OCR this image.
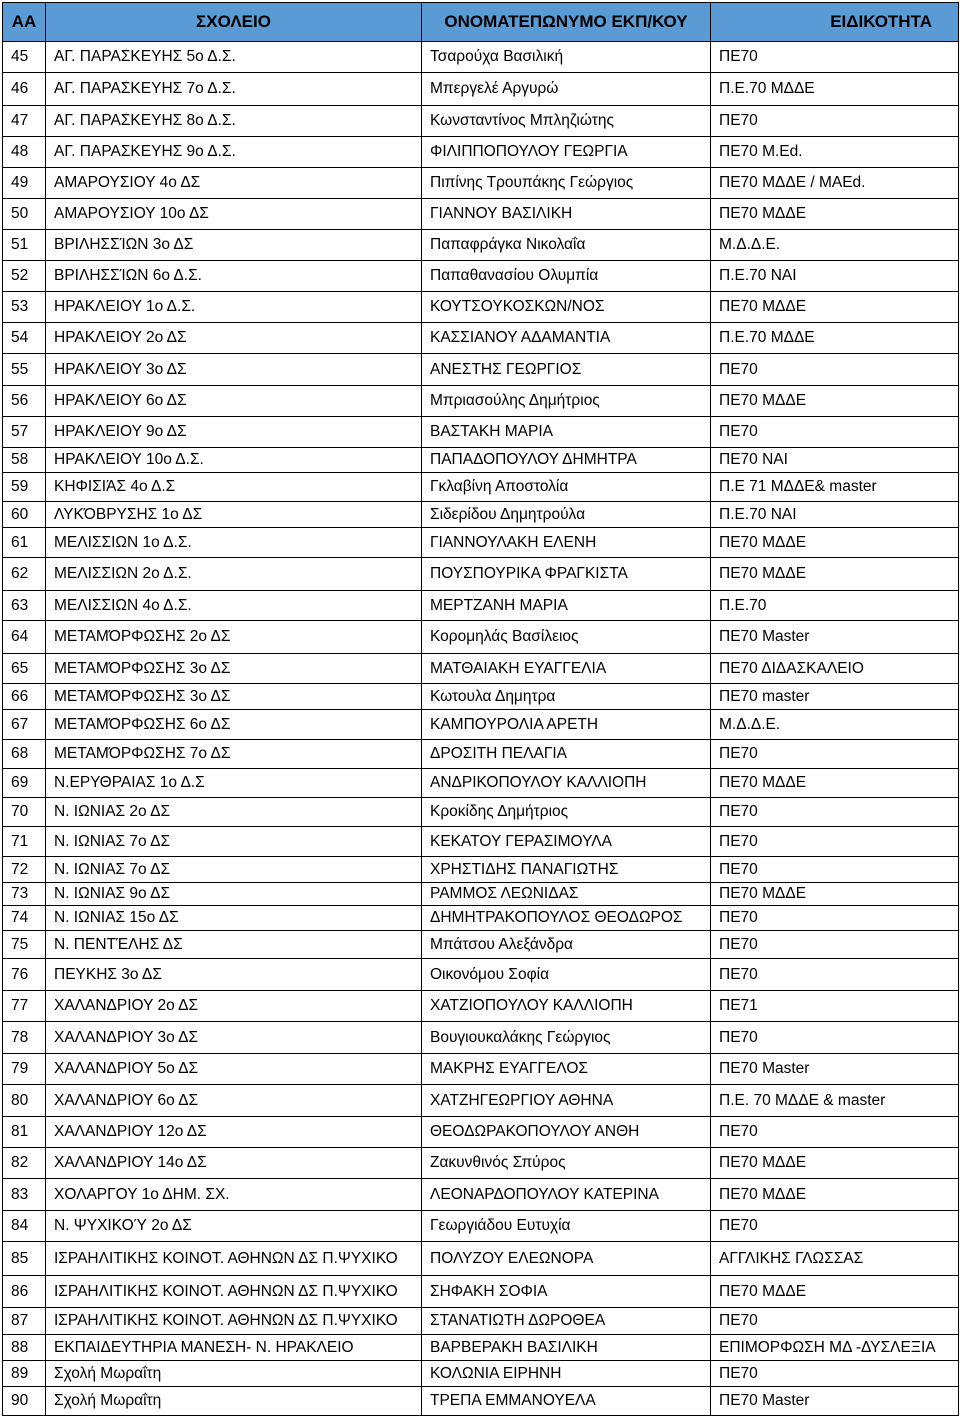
ΑΑ	ΣΧΟΛΕΙΟ	ΟΝΟΜΑΤΕΠΩΝΥΜΟ ΕΚΠ/ΚΟΥ	ΕΙΔΙΚΟΤΗΤΑ
45	ΑΓ. ΠΑΡΑΣΚΕΥΗΣ 5ο Δ.Σ.	Τσαρούχα Βασιλική	ΠΕ70
46	ΑΓ. ΠΑΡΑΣΚΕΥΗΣ 7ο Δ.Σ.	Μπεργελέ Αργυρώ	Π.Ε.70 ΜΔΔΕ
47	ΑΓ. ΠΑΡΑΣΚΕΥΗΣ 8ο Δ.Σ.	Κωνσταντίνος Μπληζιώτης	ΠΕ70
48	ΑΓ. ΠΑΡΑΣΚΕΥΗΣ 9ο Δ.Σ.	ΦΙΛΙΠΠΟΠΟΥΛΟΥ ΓΕΩΡΓΙΑ	ΠΕ70 M.Ed.
49	ΑΜΑΡΟΥΣΙΟΥ 4ο ΔΣ	Πιπίνης Τρουπάκης Γεώργιος	ΠΕ70 ΜΔΔΕ / MAEd.
50	ΑΜΑΡΟΥΣΙΟΥ 10ο ΔΣ	ΓΙΑΝΝΟΥ ΒΑΣΙΛΙΚΗ	ΠΕ70 ΜΔΔΕ
51	ΒΡΙΛΗΣΣΊΩΝ 3ο ΔΣ	Παπαφράγκα Νικολαΐα	Μ.Δ.Δ.Ε.
52	ΒΡΙΛΗΣΣΊΩΝ 6ο Δ.Σ.	Παπαθανασίου Ολυμπία	Π.Ε.70 ΝΑΙ
53	ΗΡΑΚΛΕΙΟΥ 1ο Δ.Σ.	ΚΟΥΤΣΟΥΚΟΣΚΩΝ/ΝΟΣ	ΠΕ70 ΜΔΔΕ
54	ΗΡΑΚΛΕΙΟΥ 2ο ΔΣ	ΚΑΣΣΙΑΝΟΥ ΑΔΑΜΑΝΤΙΑ	Π.Ε.70 ΜΔΔΕ
55	ΗΡΑΚΛΕΙΟΥ 3ο ΔΣ	ΑΝΕΣΤΗΣ ΓΕΩΡΓΙΟΣ	ΠΕ70
56	ΗΡΑΚΛΕΙΟΥ 6ο ΔΣ	Μπριασούλης Δημήτριος	ΠΕ70 ΜΔΔΕ
57	ΗΡΑΚΛΕΙΟΥ 9ο ΔΣ	ΒΑΣΤΑΚΗ ΜΑΡΙΑ	ΠΕ70
58	ΗΡΑΚΛΕΙΟΥ 10ο Δ.Σ.	ΠΑΠΑΔΟΠΟΥΛΟΥ ΔΗΜΗΤΡΑ	ΠΕ70 ΝΑΙ
59	ΚΗΦΙΣΙΆΣ 4ο Δ.Σ	Γκλαβίνη Αποστολία	Π.Ε 71 ΜΔΔΕ& master
60	ΛΥΚΌΒΡΥΣΗΣ 1ο ΔΣ	Σιδερίδου Δημητρούλα	Π.Ε.70 ΝΑΙ
61	ΜΕΛΙΣΣΙΩΝ 1ο Δ.Σ.	ΓΙΑΝΝΟΥΛΑΚΗ ΕΛΕΝΗ	ΠΕ70 ΜΔΔΕ
62	ΜΕΛΙΣΣΙΩΝ 2ο Δ.Σ.	ΠΟΥΣΠΟΥΡΙΚΑ ΦΡΑΓΚΙΣΤΑ	ΠΕ70 ΜΔΔΕ
63	ΜΕΛΙΣΣΙΩΝ 4ο Δ.Σ.	ΜΕΡΤΖΑΝΗ ΜΑΡΙΑ	Π.Ε.70
64	ΜΕΤΑΜΌΡΦΩΣΗΣ 2ο ΔΣ	Κορομηλάς Βασίλειος	ΠΕ70 Master
65	ΜΕΤΑΜΌΡΦΩΣΗΣ 3ο ΔΣ	ΜΑΤΘΑΙΑΚΗ ΕΥΑΓΓΕΛΙΑ	ΠΕ70 ΔΙΔΑΣΚΑΛΕΙΟ
66	ΜΕΤΑΜΌΡΦΩΣΗΣ 3ο ΔΣ	Κωτουλα Δημητρα	ΠΕ70 master
67	ΜΕΤΑΜΌΡΦΩΣΗΣ 6ο ΔΣ	ΚΑΜΠΟΥΡΟΛΙΑ ΑΡΕΤΗ	Μ.Δ.Δ.Ε.
68	ΜΕΤΑΜΌΡΦΩΣΗΣ 7ο ΔΣ	ΔΡΟΣΙΤΗ ΠΕΛΑΓΙΑ	ΠΕ70
69	Ν.ΕΡΥΘΡΑΙΑΣ 1ο Δ.Σ	ΑΝΔΡΙΚΟΠΟΥΛΟΥ ΚΑΛΛΙΟΠΗ	ΠΕ70 ΜΔΔΕ
70	Ν. ΙΩΝΙΑΣ 2ο ΔΣ	Κροκίδης Δημήτριος	ΠΕ70
71	Ν. ΙΩΝΙΑΣ 7ο ΔΣ	ΚΕΚΑΤΟΥ ΓΕΡΑΣΙΜΟΥΛΑ	ΠΕ70
72	Ν. ΙΩΝΙΑΣ 7ο ΔΣ	ΧΡΗΣΤΙΔΗΣ ΠΑΝΑΓΙΩΤΗΣ	ΠΕ70
73	Ν. ΙΩΝΙΑΣ 9ο ΔΣ	ΡΑΜΜΟΣ ΛΕΩΝΙΔΑΣ	ΠΕ70 ΜΔΔΕ
74	Ν. ΙΩΝΙΑΣ 15ο ΔΣ	ΔΗΜΗΤΡΑΚΟΠΟΥΛΟΣ ΘΕΟΔΩΡΟΣ	ΠΕ70
75	Ν. ΠΕΝΤΈΛΗΣ ΔΣ	Μπάτσου Αλεξάνδρα	ΠΕ70
76	ΠΕΥΚΗΣ 3ο ΔΣ	Οικονόμου Σοφία	ΠΕ70
77	ΧΑΛΑΝΔΡΙΟΥ 2ο ΔΣ	ΧΑΤΖΙΟΠΟΥΛΟΥ ΚΑΛΛΙΟΠΗ	ΠΕ71
78	ΧΑΛΑΝΔΡΙΟΥ 3ο ΔΣ	Βουγιουκαλάκης Γεώργιος	ΠΕ70
79	ΧΑΛΑΝΔΡΙΟΥ 5ο ΔΣ	ΜΑΚΡΗΣ ΕΥΑΓΓΕΛΟΣ	ΠΕ70 Master
80	ΧΑΛΑΝΔΡΙΟΥ 6ο ΔΣ	ΧΑΤΖΗΓΕΩΡΓΙΟΥ ΑΘΗΝΑ	Π.Ε. 70 ΜΔΔΕ & master
81	ΧΑΛΑΝΔΡΙΟΥ 12ο ΔΣ	ΘΕΟΔΩΡΑΚΟΠΟΥΛΟΥ ΑΝΘΗ	ΠΕ70
82	ΧΑΛΑΝΔΡΙΟΥ 14ο ΔΣ	Ζακυνθινός Σπύρος	ΠΕ70 ΜΔΔΕ
83	ΧΟΛΑΡΓΟΥ 1ο ΔΗΜ. ΣΧ.	ΛΕΟΝΑΡΔΟΠΟΥΛΟΥ ΚΑΤΕΡΙΝΑ	ΠΕ70 ΜΔΔΕ
84	Ν. ΨΥΧΙΚΟΎ 2ο ΔΣ	Γεωργιάδου Ευτυχία	ΠΕ70
85	ΙΣΡΑΗΛΙΤΙΚΗΣ ΚΟΙΝΟΤ. ΑΘΗΝΩΝ ΔΣ Π.ΨΥΧΙΚΟ	ΠΟΛΥΖΟΥ ΕΛΕΩΝΟΡΑ	ΑΓΓΛΙΚΗΣ ΓΛΩΣΣΑΣ
86	ΙΣΡΑΗΛΙΤΙΚΗΣ ΚΟΙΝΟΤ. ΑΘΗΝΩΝ ΔΣ Π.ΨΥΧΙΚΟ	ΣΗΦΑΚΗ ΣΟΦΙΑ	ΠΕ70 ΜΔΔΕ
87	ΙΣΡΑΗΛΙΤΙΚΗΣ ΚΟΙΝΟΤ. ΑΘΗΝΩΝ ΔΣ Π.ΨΥΧΙΚΟ	ΣΤΑΝΑΤΙΩΤΗ ΔΩΡΟΘΕΑ	ΠΕ70
88	ΕΚΠΑΙΔΕΥΤΗΡΙΑ ΜΑΝΕΣΗ- Ν. ΗΡΑΚΛΕΙΟ	ΒΑΡΒΕΡΑΚΗ ΒΑΣΙΛΙΚΗ	ΕΠΙΜΟΡΦΩΣΗ ΜΔ -ΔΥΣΛΕΞΙΑ
89	Σχολή Μωραΐτη	ΚΟΛΩΝΙΑ ΕΙΡΗΝΗ	ΠΕ70
90	Σχολή Μωραΐτη	ΤΡΕΠΑ ΕΜΜΑΝΟΥΕΛΑ	ΠΕ70 Master
